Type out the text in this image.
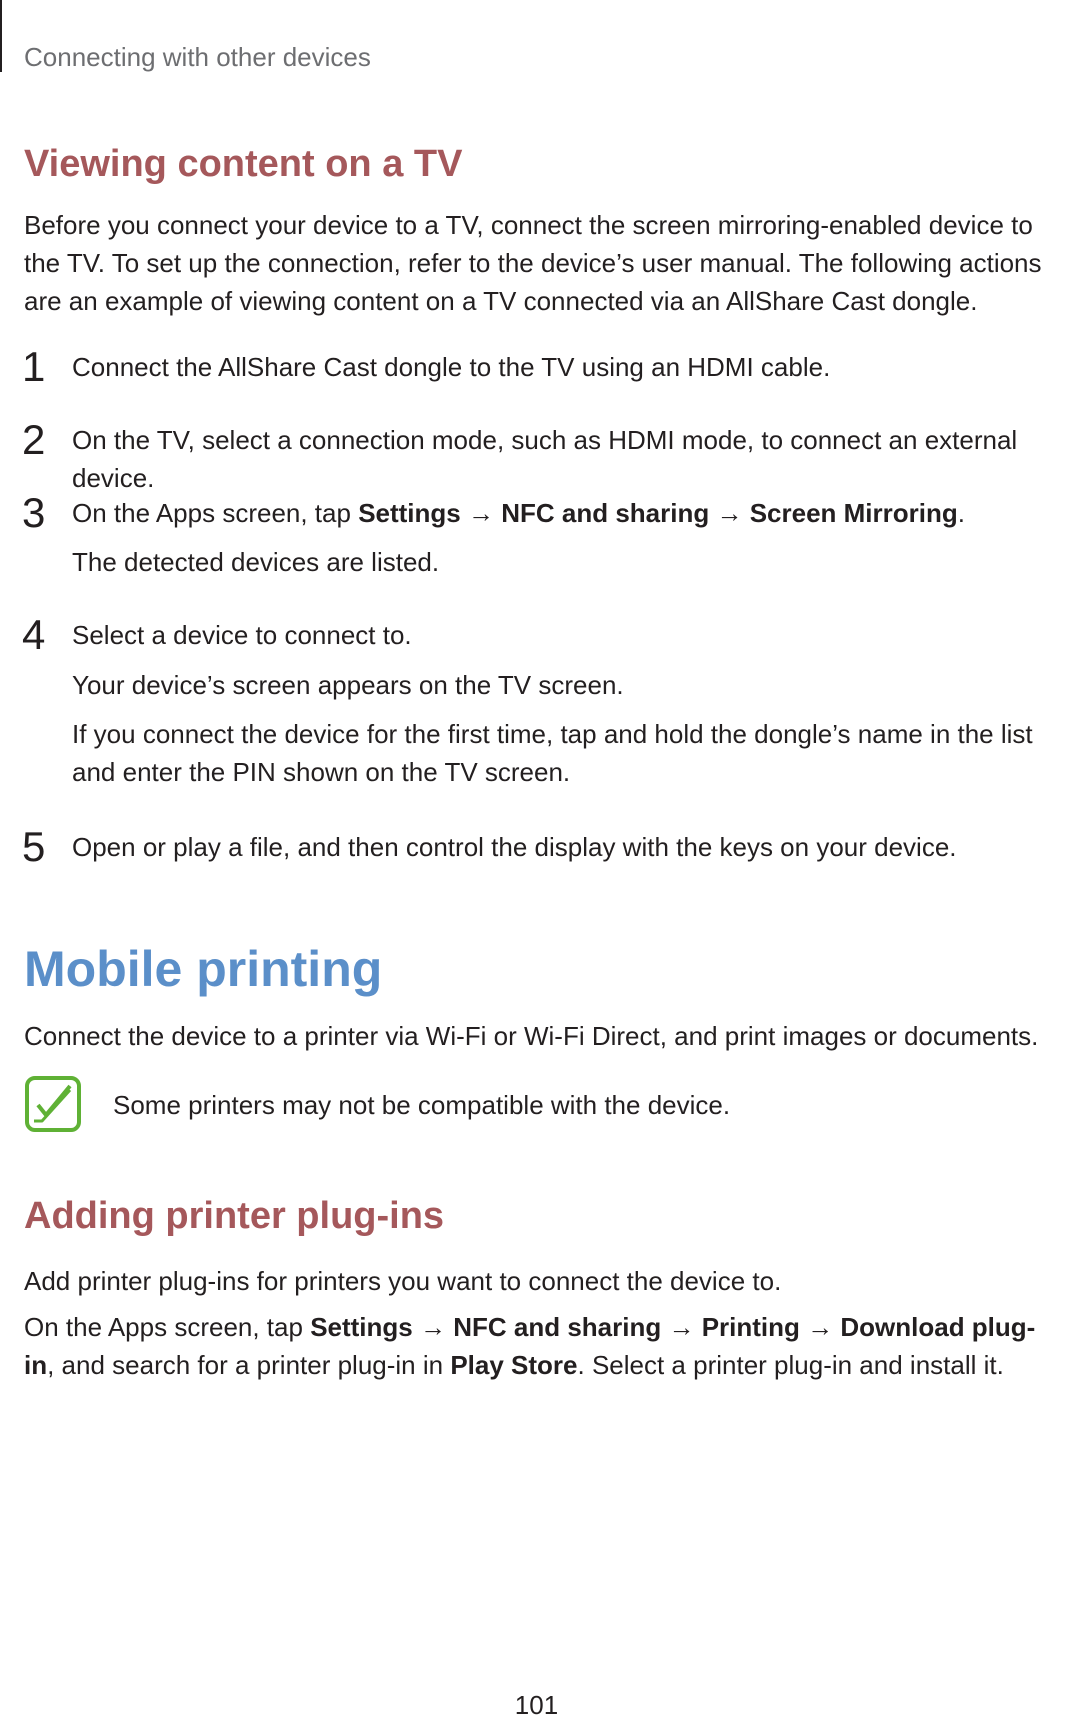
Connecting with other devices
Viewing content on a TV

Before you connect your device to a TV, connect the screen mirroring-enabled device to the TV. To set up the connection, refer to the device’s user manual. The following actions are an example of viewing content on a TV connected via an AllShare Cast dongle.

1 Connect the AllShare Cast dongle to the TV using an HDMI cable.

2 On the TV, select a connection mode, such as HDMI mode, to connect an external device.

3 On the Apps screen, tap Settings → NFC and sharing → Screen Mirroring.

The detected devices are listed.

4 Select a device to connect to.

Your device’s screen appears on the TV screen.

If you connect the device for the first time, tap and hold the dongle’s name in the list and enter the PIN shown on the TV screen.

5 Open or play a file, and then control the display with the keys on your device.

Mobile printing

Connect the device to a printer via Wi-Fi or Wi-Fi Direct, and print images or documents.

Some printers may not be compatible with the device.
Adding printer plug-ins

Add printer plug-ins for printers you want to connect the device to.

On the Apps screen, tap Settings → NFC and sharing → Printing → Download plug-in, and search for a printer plug-in in Play Store. Select a printer plug-in and install it.

101
